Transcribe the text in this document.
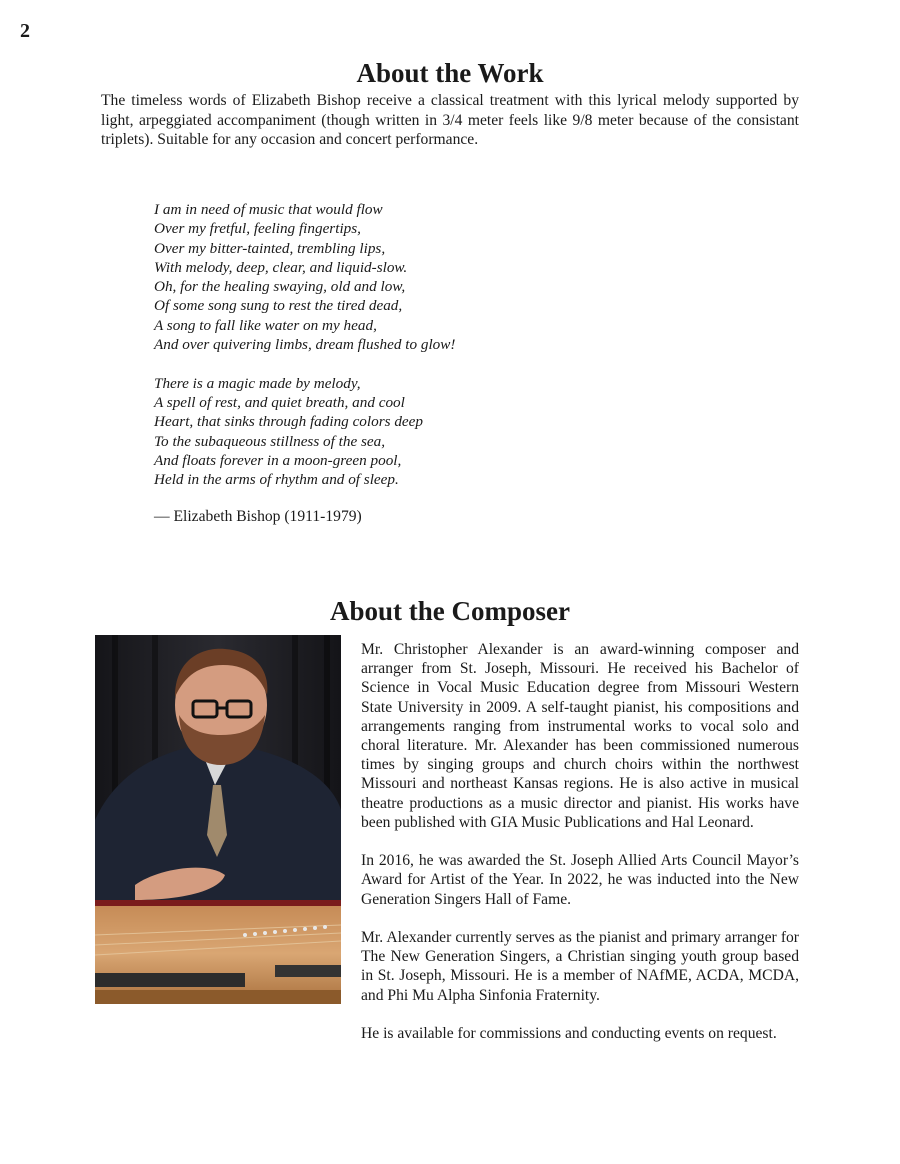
2
About the Work

The timeless words of Elizabeth Bishop receive a classical treatment with this lyrical melody supported by light, arpeggiated accompaniment (though written in 3/4 meter feels like 9/8 meter because of the consistant triplets). Suitable for any occasion and concert performance.

I am in need of music that would flow
Over my fretful, feeling fingertips,
Over my bitter-tainted, trembling lips,
With melody, deep, clear, and liquid-slow.
Oh, for the healing swaying, old and low,
Of some song sung to rest the tired dead,
A song to fall like water on my head,
And over quivering limbs, dream flushed to glow!
There is a magic made by melody,
A spell of rest, and quiet breath, and cool
Heart, that sinks through fading colors deep
To the subaqueous stillness of the sea,
And floats forever in a moon-green pool,
Held in the arms of rhythm and of sleep.

— Elizabeth Bishop (1911-1979)

About the Composer

Mr. Christopher Alexander is an award-winning composer and arranger from St. Joseph, Missouri. He received his Bachelor of Science in Vocal Music Education degree from Missouri Western State University in 2009. A self-taught pianist, his compositions and arrangements ranging from instrumental works to vocal solo and choral literature. Mr. Alexander has been commissioned numerous times by singing groups and church choirs within the northwest Missouri and northeast Kansas regions. He is also active in musical theatre productions as a music director and pianist. His works have been published with GIA Music Publications and Hal Leonard.

In 2016, he was awarded the St. Joseph Allied Arts Council Mayor’s Award for Artist of the Year. In 2022, he was inducted into the New Generation Singers Hall of Fame.

Mr. Alexander currently serves as the pianist and primary arranger for The New Generation Singers, a Christian singing youth group based in St. Joseph, Missouri. He is a member of NAfME, ACDA, MCDA, and Phi Mu Alpha Sinfonia Fraternity.

He is available for commissions and conducting events on request.
